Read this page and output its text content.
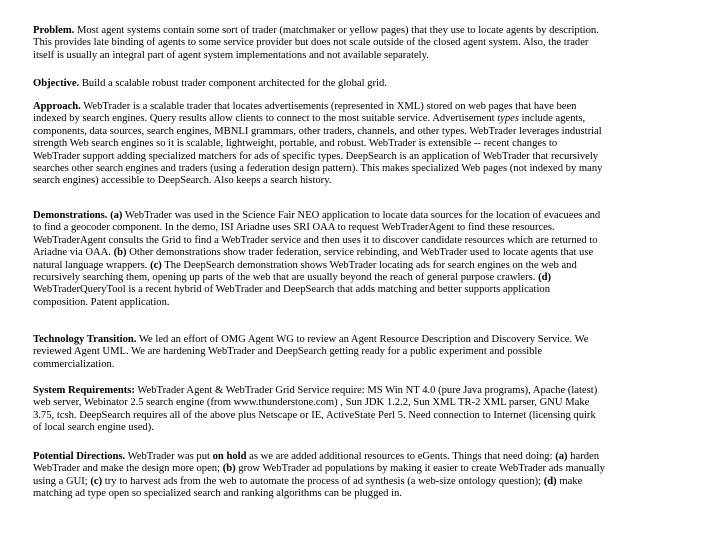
Problem. Most agent systems contain some sort of trader (matchmaker or yellow pages) that they use to locate agents by description.

This provides late binding of agents to some service provider but does not scale outside of the closed agent system. Also, the trader

itself is usually an integral part of agent system implementations and not available separately.

Objective. Build a scalable robust trader component architected for the global grid.

Approach. WebTrader is a scalable trader that locates advertisements (represented in XML) stored on web pages that have been

indexed by search engines. Query results allow clients to connect to the most suitable service. Advertisement types include agents,

components, data sources, search engines, MBNLI grammars, other traders, channels, and other types. WebTrader leverages industrial

strength Web search engines so it is scalable, lightweight, portable, and robust. WebTrader is extensible -- recent changes to

WebTrader support adding specialized matchers for ads of specific types. DeepSearch is an application of WebTrader that recursively

searches other search engines and traders (using a federation design pattern). This makes specialized Web pages (not indexed by many

search engines) accessible to DeepSearch. Also keeps a search history.

Demonstrations. (a) WebTrader was used in the Science Fair NEO application to locate data sources for the location of evacuees and

to find a geocoder component. In the demo, ISI Ariadne uses SRI OAA to request WebTraderAgent to find these resources.

WebTraderAgent consults the Grid to find a WebTrader service and then uses it to discover candidate resources which are returned to

Ariadne via OAA. (b) Other demonstrations show trader federation, service rebinding, and WebTrader used to locate agents that use

natural language wrappers. (c) The DeepSearch demonstration shows WebTrader locating ads for search engines on the web and

recursively searching them, opening up parts of the web that are usually beyond the reach of general purpose crawlers. (d)

WebTraderQueryTool is a recent hybrid of WebTrader and DeepSearch that adds matching and better supports application

composition. Patent application.

Technology Transition. We led an effort of OMG Agent WG to review an Agent Resource Description and Discovery Service. We

reviewed Agent UML. We are hardening WebTrader and DeepSearch getting ready for a public experiment and possible

commercialization.

System Requirements: WebTrader Agent & WebTrader Grid Service require: MS Win NT 4.0 (pure Java programs), Apache (latest)

web server, Webinator 2.5 search engine (from www.thunderstone.com) , Sun JDK 1.2.2, Sun XML TR-2 XML parser, GNU Make

3.75, tcsh. DeepSearch requires all of the above plus Netscape or IE, ActiveState Perl 5. Need connection to Internet (licensing quirk

of local search engine used).

Potential Directions. WebTrader was put on hold as we are added additional resources to eGents. Things that need doing: (a) harden

WebTrader and make the design more open; (b) grow WebTrader ad populations by making it easier to create WebTrader ads manually

using a GUI; (c) try to harvest ads from the web to automate the process of ad synthesis (a web-size ontology question); (d) make

matching ad type open so specialized search and ranking algorithms can be plugged in.
